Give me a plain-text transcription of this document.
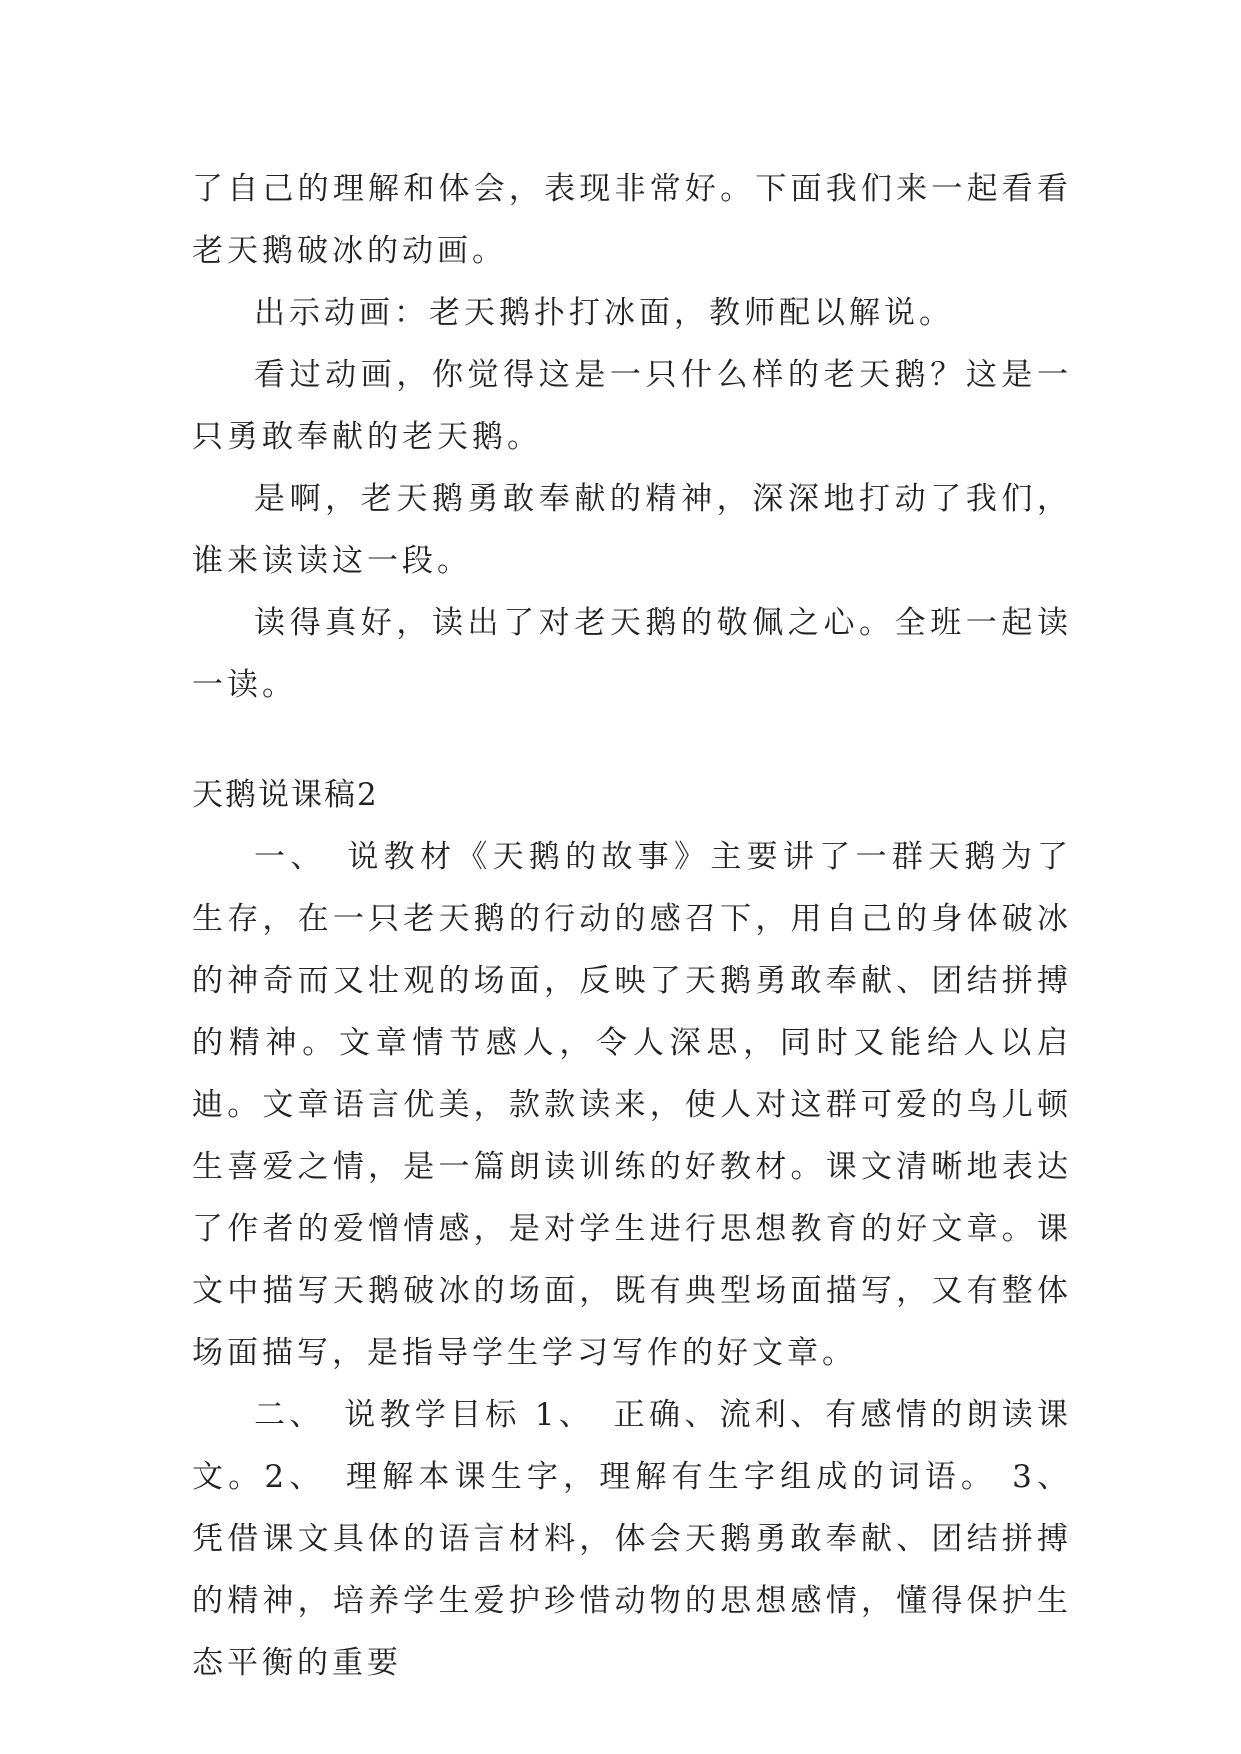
了自己的理解和体会，表现非常好。下面我们来一起看看老天鹅破冰的动画。

出示动画：老天鹅扑打冰面，教师配以解说。

看过动画，你觉得这是一只什么样的老天鹅？这是一只勇敢奉献的老天鹅。

是啊，老天鹅勇敢奉献的精神，深深地打动了我们，谁来读读这一段。

读得真好，读出了对老天鹅的敬佩之心。全班一起读一读。

天鹅说课稿2

一、　说教材《天鹅的故事》主要讲了一群天鹅为了生存，在一只老天鹅的行动的感召下，用自己的身体破冰的神奇而又壮观的场面，反映了天鹅勇敢奉献、团结拼搏的精神。文章情节感人，令人深思，同时又能给人以启迪。文章语言优美，款款读来，使人对这群可爱的鸟儿顿生喜爱之情，是一篇朗读训练的好教材。课文清晰地表达了作者的爱憎情感，是对学生进行思想教育的好文章。课文中描写天鹅破冰的场面，既有典型场面描写，又有整体场面描写，是指导学生学习写作的好文章。

二、　说教学目标 1、　正确、流利、有感情的朗读课文。2、　理解本课生字，理解有生字组成的词语。 3、凭借课文具体的语言材料，体会天鹅勇敢奉献、团结拼搏的精神，培养学生爱护珍惜动物的思想感情，懂得保护生态平衡的重要
